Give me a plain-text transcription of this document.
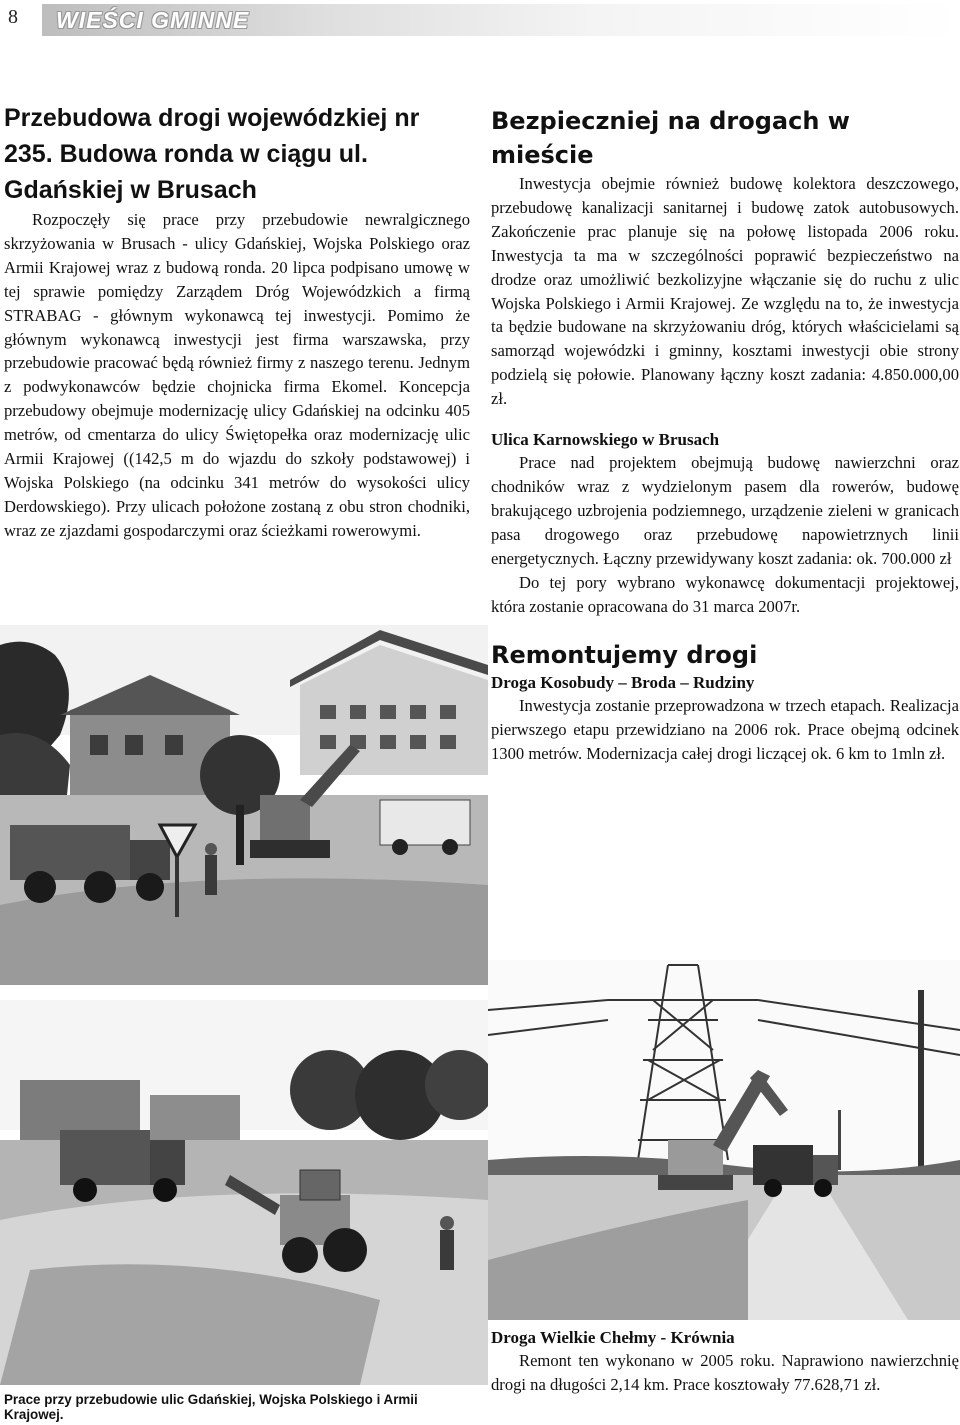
8 WIEŚCI GMINNE
Przebudowa drogi wojewódzkiej nr 235. Budowa ronda w ciągu ul. Gdańskiej w Brusach

Rozpoczęły się prace przy przebudowie newralgicznego skrzyżowania w Brusach - ulicy Gdańskiej, Wojska Polskiego oraz Armii Krajowej wraz z budową ronda. 20 lipca podpisano umowę w tej sprawie pomiędzy Zarządem Dróg Wojewódzkich a firmą STRABAG - głównym wykonawcą tej inwestycji. Pomimo że głównym wykonawcą inwestycji jest firma warszawska, przy przebudowie pracować będą również firmy z naszego terenu. Jednym z podwykonawców będzie chojnicka firma Ekomel. Koncepcja przebudowy obejmuje modernizację ulicy Gdańskiej na odcinku 405 metrów, od cmentarza do ulicy Świętopełka oraz modernizację ulic Armii Krajowej ((142,5 m do wjazdu do szkoły podstawowej) i Wojska Polskiego (na odcinku 341 metrów do wysokości ulicy Derdowskiego). Przy ulicach położone zostaną z obu stron chodniki, wraz ze zjazdami gospodarczymi oraz ścieżkami rowerowymi.

Bezpieczniej na drogach w mieście

Inwestycja obejmie również budowę kolektora deszczowego, przebudowę kanalizacji sanitarnej i budowę zatok autobusowych. Zakończenie prac planuje się na połowę listopada 2006 roku. Inwestycja ta ma w szczególności poprawić bezpieczeństwo na drodze oraz umożliwić bezkolizyjne włączanie się do ruchu z ulic Wojska Polskiego i Armii Krajowej. Ze względu na to, że inwestycja ta będzie budowane na skrzyżowaniu dróg, których właścicielami są samorząd wojewódzki i gminny, kosztami inwestycji obie strony podzielą się połowie. Planowany łączny koszt zadania: 4.850.000,00 zł.

Ulica Karnowskiego w Brusach

Prace nad projektem obejmują budowę nawierzchni oraz chodników wraz z wydzielonym pasem dla rowerów, budowę brakującego uzbrojenia podziemnego, urządzenie zieleni w granicach pasa drogowego oraz przebudowę napowietrznych linii energetycznych. Łączny przewidywany koszt zadania: ok. 700.000 zł

Do tej pory wybrano wykonawcę dokumentacji projektowej, która zostanie opracowana do 31 marca 2007r.

Remontujemy drogi
Droga Kosobudy – Broda – Rudziny

Inwestycja zostanie przeprowadzona w trzech etapach. Realizacja pierwszego etapu przewidziano na 2006 rok. Prace obejmą odcinek 1300 metrów. Modernizacja całej drogi liczącej ok. 6 km to 1mln zł.

Droga Wielkie Chełmy - Krównia

Remont ten wykonano w 2005 roku. Naprawiono nawierzchnię drogi na długości 2,14 km. Prace kosztowały 77.628,71 zł.

Prace przy przebudowie ulic Gdańskiej, Wojska Polskiego i Armii Krajowej.
